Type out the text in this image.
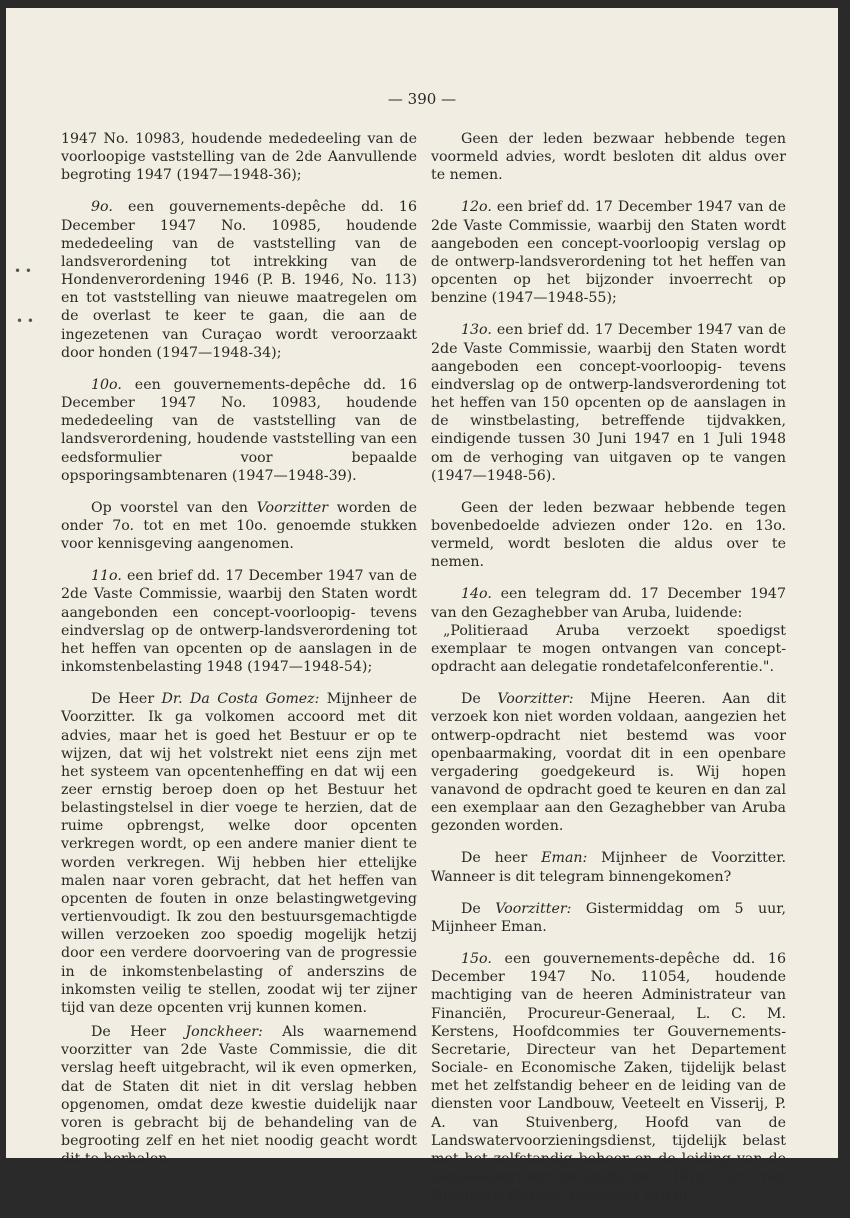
— 390 —
• •
• •

1947 No. 10983, houdende mededeeling van de voorloopige vaststelling van de 2de Aanvullende begroting 1947 (1947—1948-36);

9o. een gouvernements-depêche dd. 16 December 1947 No. 10985, houdende mededeeling van de vaststelling van de landsverordening tot intrekking van de Hondenverordening 1946 (P. B. 1946, No. 113) en tot vaststelling van nieuwe maatregelen om de overlast te keer te gaan, die aan de ingezetenen van Curaçao wordt veroorzaakt door honden (1947—1948-34);

10o. een gouvernements-depêche dd. 16 December 1947 No. 10983, houdende mededeeling van de vaststelling van de landsverordening, houdende vaststelling van een eedsformulier voor bepaalde opsporingsambtenaren (1947—1948-39).

Op voorstel van den Voorzitter worden de onder 7o. tot en met 10o. genoemde stukken voor kennisgeving aangenomen.

11o. een brief dd. 17 December 1947 van de 2de Vaste Commissie, waarbij den Staten wordt aangebonden een concept-voorloopig- tevens eindverslag op de ontwerp-landsverordening tot het heffen van opcenten op de aanslagen in de inkomstenbelasting 1948 (1947—1948-54);

De Heer Dr. Da Costa Gomez: Mijnheer de Voorzitter. Ik ga volkomen accoord met dit advies, maar het is goed het Bestuur er op te wijzen, dat wij het volstrekt niet eens zijn met het systeem van opcentenheffing en dat wij een zeer ernstig beroep doen op het Bestuur het belastingstelsel in dier voege te herzien, dat de ruime opbrengst, welke door opcenten verkregen wordt, op een andere manier dient te worden verkregen. Wij hebben hier ettelijke malen naar voren gebracht, dat het heffen van opcenten de fouten in onze belastingwetgeving vertienvoudigt. Ik zou den bestuursgemachtigde willen verzoeken zoo spoedig mogelijk hetzij door een verdere doorvoering van de progressie in de inkomstenbelasting of anderszins de inkomsten veilig te stellen, zoodat wij ter zijner tijd van deze opcenten vrij kunnen komen.

De Heer Jonckheer: Als waarnemend voorzitter van 2de Vaste Commissie, die dit verslag heeft uitgebracht, wil ik even opmerken, dat de Staten dit niet in dit verslag hebben opgenomen, omdat deze kwestie duidelijk naar voren is gebracht bij de behandeling van de begrooting zelf en het niet noodig geacht wordt dit te herhalen.

Geen der leden bezwaar hebbende tegen voormeld advies, wordt besloten dit aldus over te nemen.

12o. een brief dd. 17 December 1947 van de 2de Vaste Commissie, waarbij den Staten wordt aangeboden een concept-voorloopig verslag op de ontwerp-landsverordening tot het heffen van opcenten op het bijzonder invoerrecht op benzine (1947—1948-55);

13o. een brief dd. 17 December 1947 van de 2de Vaste Commissie, waarbij den Staten wordt aangeboden een concept-voorloopig- tevens eindverslag op de ontwerp-landsverordening tot het heffen van 150 opcenten op de aanslagen in de winstbelasting, betreffende tijdvakken, eindigende tussen 30 Juni 1947 en 1 Juli 1948 om de verhoging van uitgaven op te vangen (1947—1948-56).

Geen der leden bezwaar hebbende tegen bovenbedoelde adviezen onder 12o. en 13o. vermeld, wordt besloten die aldus over te nemen.

14o. een telegram dd. 17 December 1947 van den Gezaghebber van Aruba, luidende:

„Politieraad Aruba verzoekt spoedigst exemplaar te mogen ontvangen van concept-opdracht aan delegatie rondetafelconferentie.".

De Voorzitter: Mijne Heeren. Aan dit verzoek kon niet worden voldaan, aangezien het ontwerp-opdracht niet bestemd was voor openbaarmaking, voordat dit in een openbare vergadering goedgekeurd is. Wij hopen vanavond de opdracht goed te keuren en dan zal een exemplaar aan den Gezaghebber van Aruba gezonden worden.

De heer Eman: Mijnheer de Voorzitter. Wanneer is dit telegram binnengekomen?

De Voorzitter: Gistermiddag om 5 uur, Mijnheer Eman.

15o. een gouvernements-depêche dd. 16 December 1947 No. 11054, houdende machtiging van de heeren Administrateur van Financiën, Procureur-Generaal, L. C. M. Kerstens, Hoofdcommies ter Gouvernements-Secretarie, Directeur van het Departement Sociale- en Economische Zaken, tijdelijk belast met het zelfstandig beheer en de leiding van de diensten voor Landbouw, Veeteelt en Visserij, P. A. van Stuivenberg, Hoofd van de Landswatervoorzieningsdienst, tijdelijk belast met het zelfstandig beheer en de leiding van de Landswatervoorzieningsdienst, Directeur van Openbare Werken, Directeur van de
